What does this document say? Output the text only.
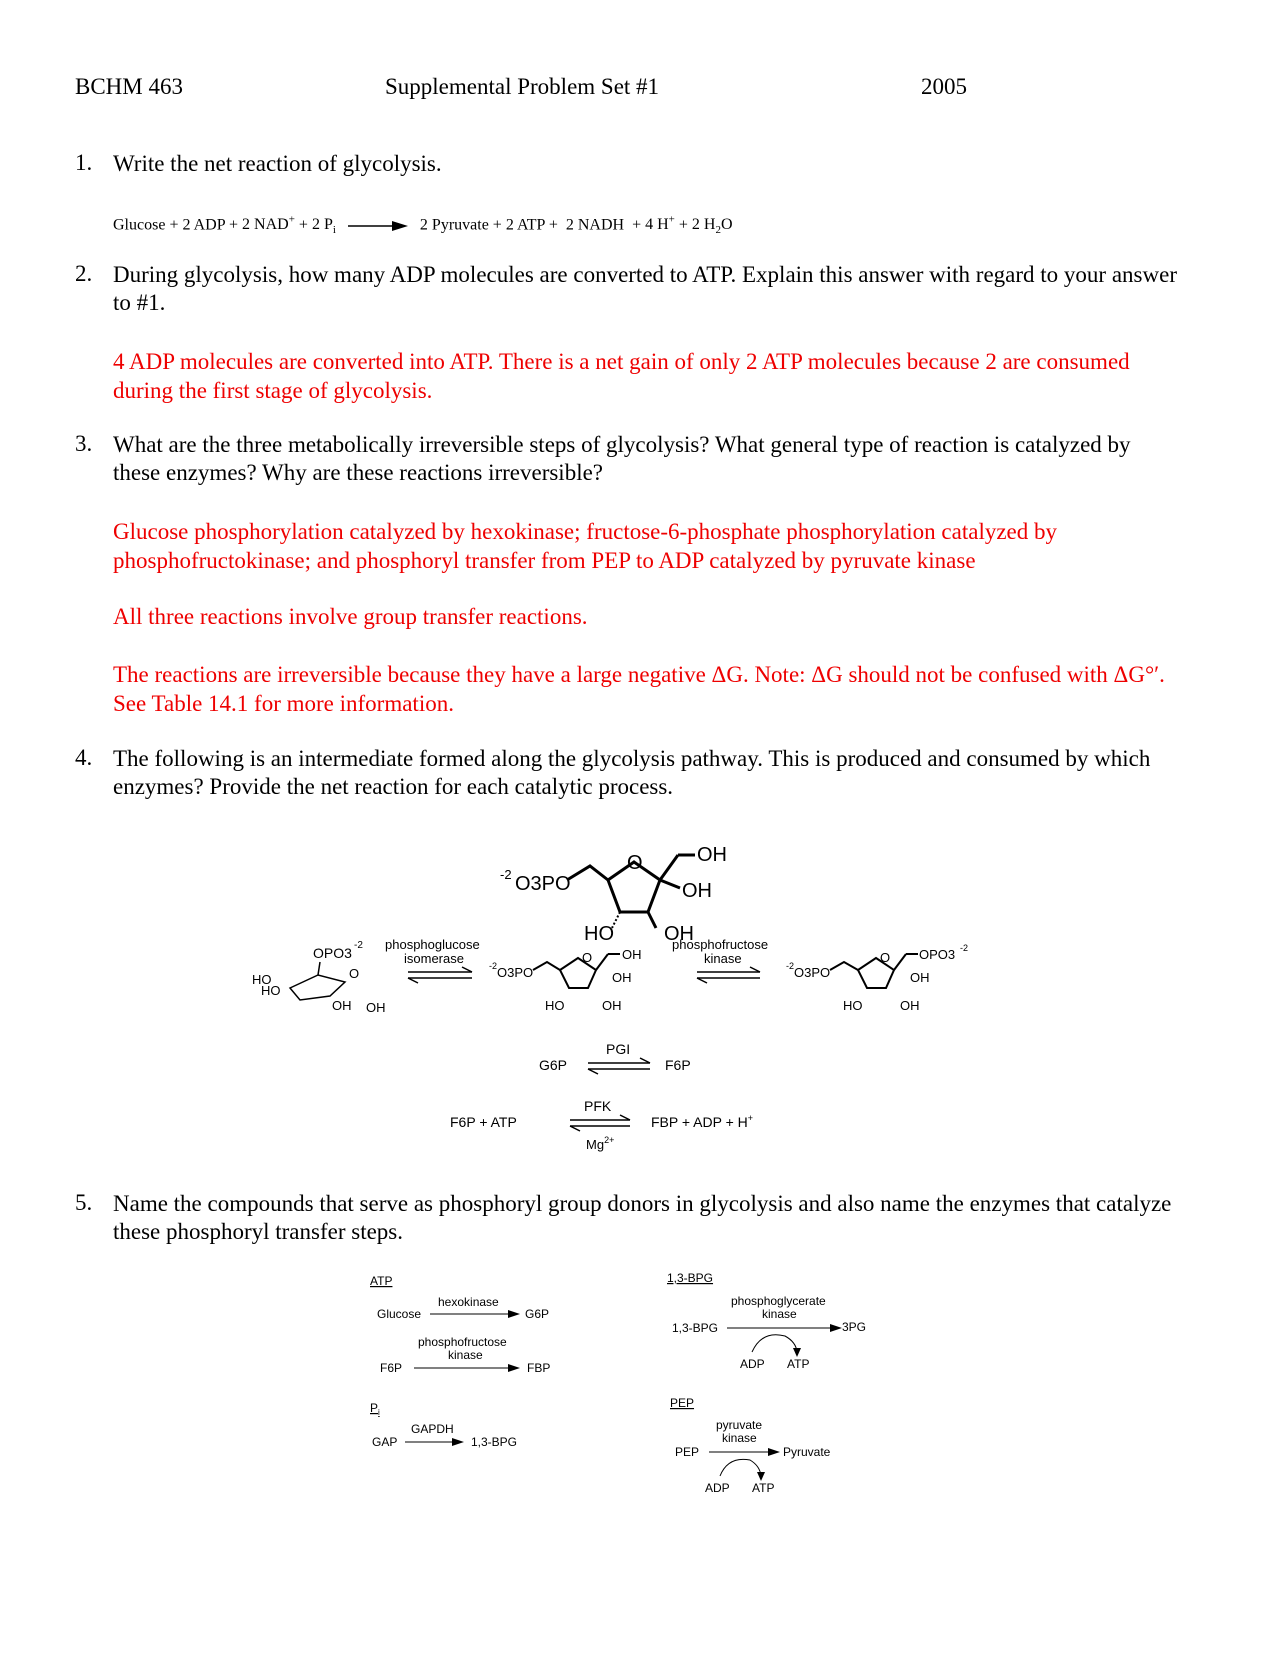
BCHM 463	Supplemental Problem Set #1	2005
1. Write the net reaction of glycolysis.
Glucose + 2 ADP + 2 NAD+ + 2 $P_i \to 2$ Pyruvate + 2 ATP + 2 NADH + 4 H+ + 2 $H_2O$
2. During glycolysis, how many ADP molecules are converted to ATP. Explain this answer with regard to your answer to #1.
4 ADP molecules are converted into ATP. There is a net gain of only 2 ATP molecules because 2 are consumed during the first stage of glycolysis.
3. What are the three metabolically irreversible steps of glycolysis? What general type of reaction is catalyzed by these enzymes? Why are these reactions irreversible?
Glucose phosphorylation catalyzed by hexokinase; fructose-6-phosphate phosphorylation catalyzed by phosphofructokinase; and phosphoryl transfer from PEP to ADP catalyzed by pyruvate kinase
All three reactions involve group transfer reactions.
The reactions are irreversible because they have a large negative ΔG. Note: ΔG should not be confused with ΔG°′. See Table 14.1 for more information.
4. The following is an intermediate formed along the glycolysis pathway. This is produced and consumed by which enzymes? Provide the net reaction for each catalytic process.
-2 O3PO
O	OH
OH
HO	OH
OPO3 -2
O
HO
HO
OH OH
phosphoglucose
isomerase	-2 O3PO
O OH
OH
HO	OH
phosphofructose
kinase	-2 O3PO
O OPO3 -2
OH
HO	OH
G6P
PGI
F6P
F6P + ATP
PFK
$Mg^{2+}$
FBP + ADP + H+
5. Name the compounds that serve as phosphoryl group donors in glycolysis and also name the enzymes that catalyze these phosphoryl transfer steps.
ATP
hexokinase
Glucose	G6P
phosphofructose
kinase
F6P	FBP
$P_i$
GAPDH
GAP	1,3-BPG
1,3-BPG
phosphoglycerate
kinase
1,3-BPG	3PG
ADP ATP
PEP
pyruvate
kinase
PEP	Pyruvate
ADP ATP
